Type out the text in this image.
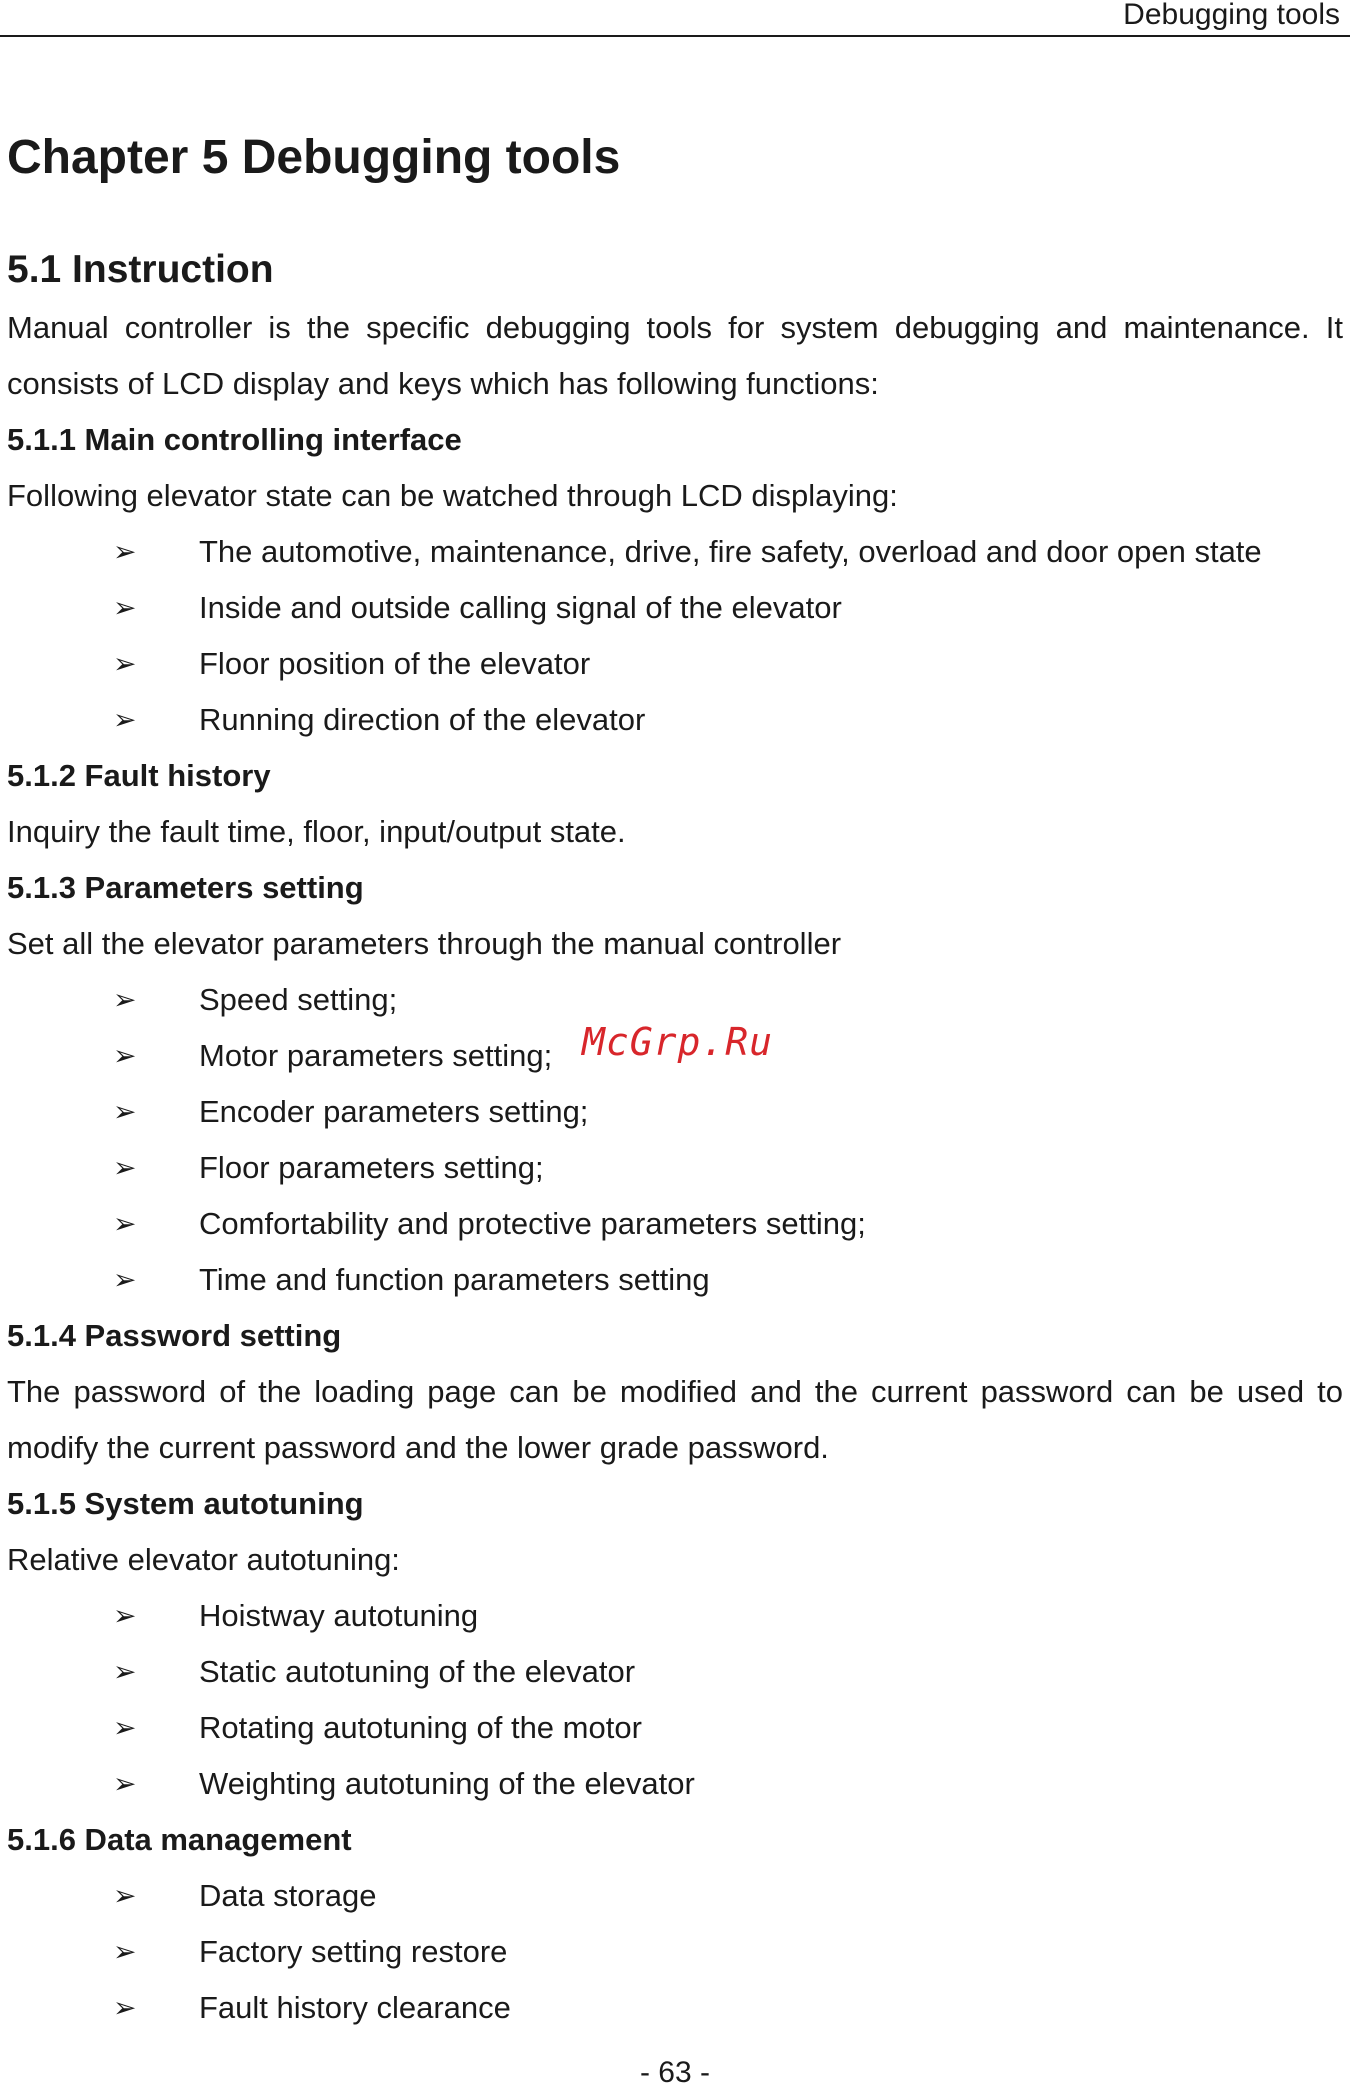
Debugging tools
Chapter 5 Debugging tools
5.1 Instruction

Manual controller is the specific debugging tools for system debugging and maintenance. It consists of LCD display and keys which has following functions:

5.1.1 Main controlling interface

Following elevator state can be watched through LCD displaying:

➢ The automotive, maintenance, drive, fire safety, overload and door open state
➢ Inside and outside calling signal of the elevator
➢ Floor position of the elevator
➢ Running direction of the elevator
5.1.2 Fault history

Inquiry the fault time, floor, input/output state.

5.1.3 Parameters setting

Set all the elevator parameters through the manual controller

➢ Speed setting;
➢ Motor parameters setting;
➢ Encoder parameters setting;
➢ Floor parameters setting;
➢ Comfortability and protective parameters setting;
➢ Time and function parameters setting
5.1.4 Password setting

The password of the loading page can be modified and the current password can be used to modify the current password and the lower grade password.

5.1.5 System autotuning

Relative elevator autotuning:

➢ Hoistway autotuning
➢ Static autotuning of the elevator
➢ Rotating autotuning of the motor
➢ Weighting autotuning of the elevator
5.1.6 Data management
➢ Data storage
➢ Factory setting restore
➢ Fault history clearance
McGrp.Ru
- 63 -
